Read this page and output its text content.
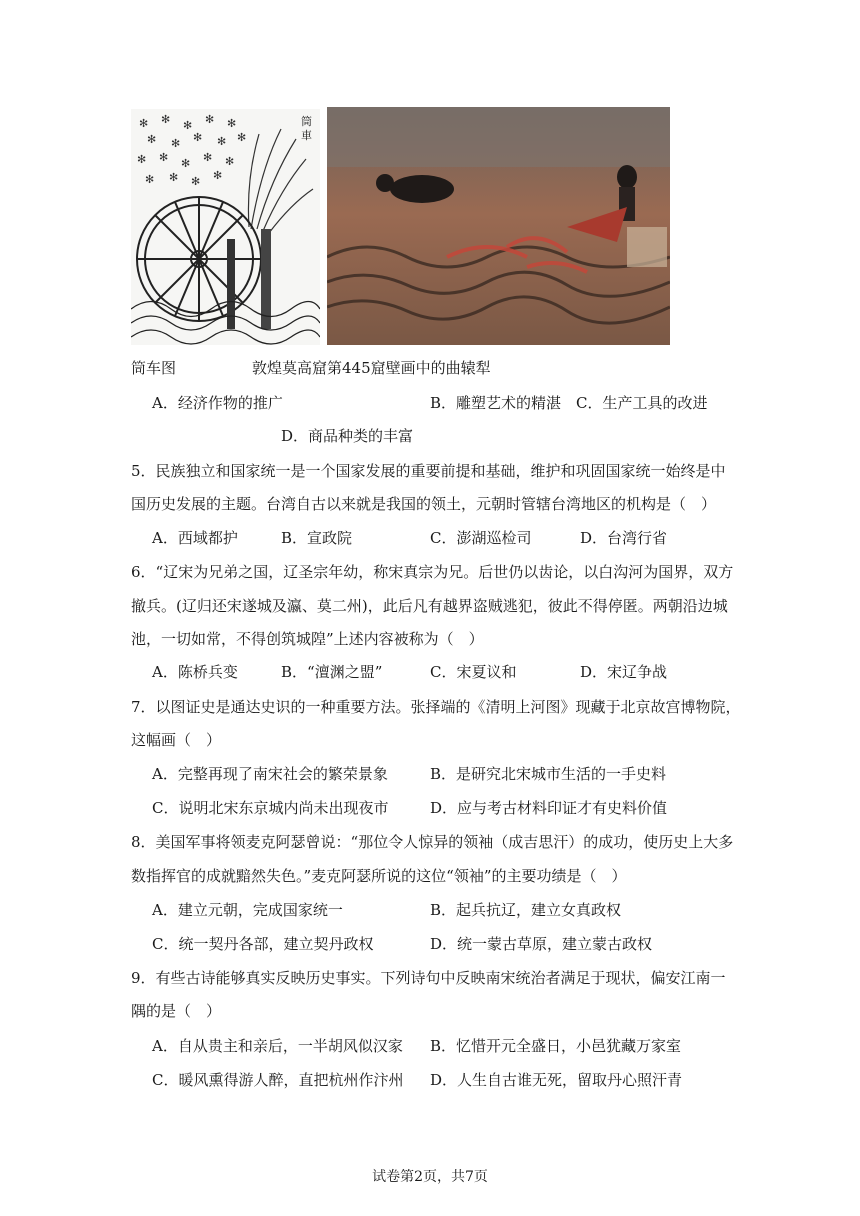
✻ ✻ ✻ ✻ ✻
✻ ✻ ✻ ✻ ✻
✻ ✻ ✻ ✻ ✻
✻ ✻ ✻ ✻
筒
車
筒车图	敦煌莫高窟第445窟壁画中的曲辕犁
A．经济作物的推广	B．雕塑艺术的精湛 C．生产工具的改进
D．商品种类的丰富
5．民族独立和国家统一是一个国家发展的重要前提和基础，维护和巩固国家统一始终是中
国历史发展的主题。台湾自古以来就是我国的领土，元朝时管辖台湾地区的机构是（　）
A．西域都护	B．宣政院	C．澎湖巡检司	D．台湾行省
6．“辽宋为兄弟之国，辽圣宗年幼，称宋真宗为兄。后世仍以齿论，以白沟河为国界，双方
撤兵。(辽归还宋遂城及瀛、莫二州)，此后凡有越界盗贼逃犯，彼此不得停匿。两朝沿边城
池，一切如常，不得创筑城隍”上述内容被称为（　）
A．陈桥兵变	B．“澶渊之盟”	C．宋夏议和	D．宋辽争战
7．以图证史是通达史识的一种重要方法。张择端的《清明上河图》现藏于北京故宫博物院，
这幅画（　）
A．完整再现了南宋社会的繁荣景象	B．是研究北宋城市生活的一手史料
C．说明北宋东京城内尚未出现夜市	D．应与考古材料印证才有史料价值
8．美国军事将领麦克阿瑟曾说：“那位令人惊异的领袖（成吉思汗）的成功，使历史上大多
数指挥官的成就黯然失色。”麦克阿瑟所说的这位“领袖”的主要功绩是（　）
A．建立元朝，完成国家统一	B．起兵抗辽，建立女真政权
C．统一契丹各部，建立契丹政权	D．统一蒙古草原，建立蒙古政权
9．有些古诗能够真实反映历史事实。下列诗句中反映南宋统治者满足于现状，偏安江南一
隅的是（　）
A．自从贵主和亲后，一半胡风似汉家 B．忆惜开元全盛日，小邑犹藏万家室
C．暖风熏得游人醉，直把杭州作汴州 D．人生自古谁无死，留取丹心照汗青
试卷第2页，共7页
